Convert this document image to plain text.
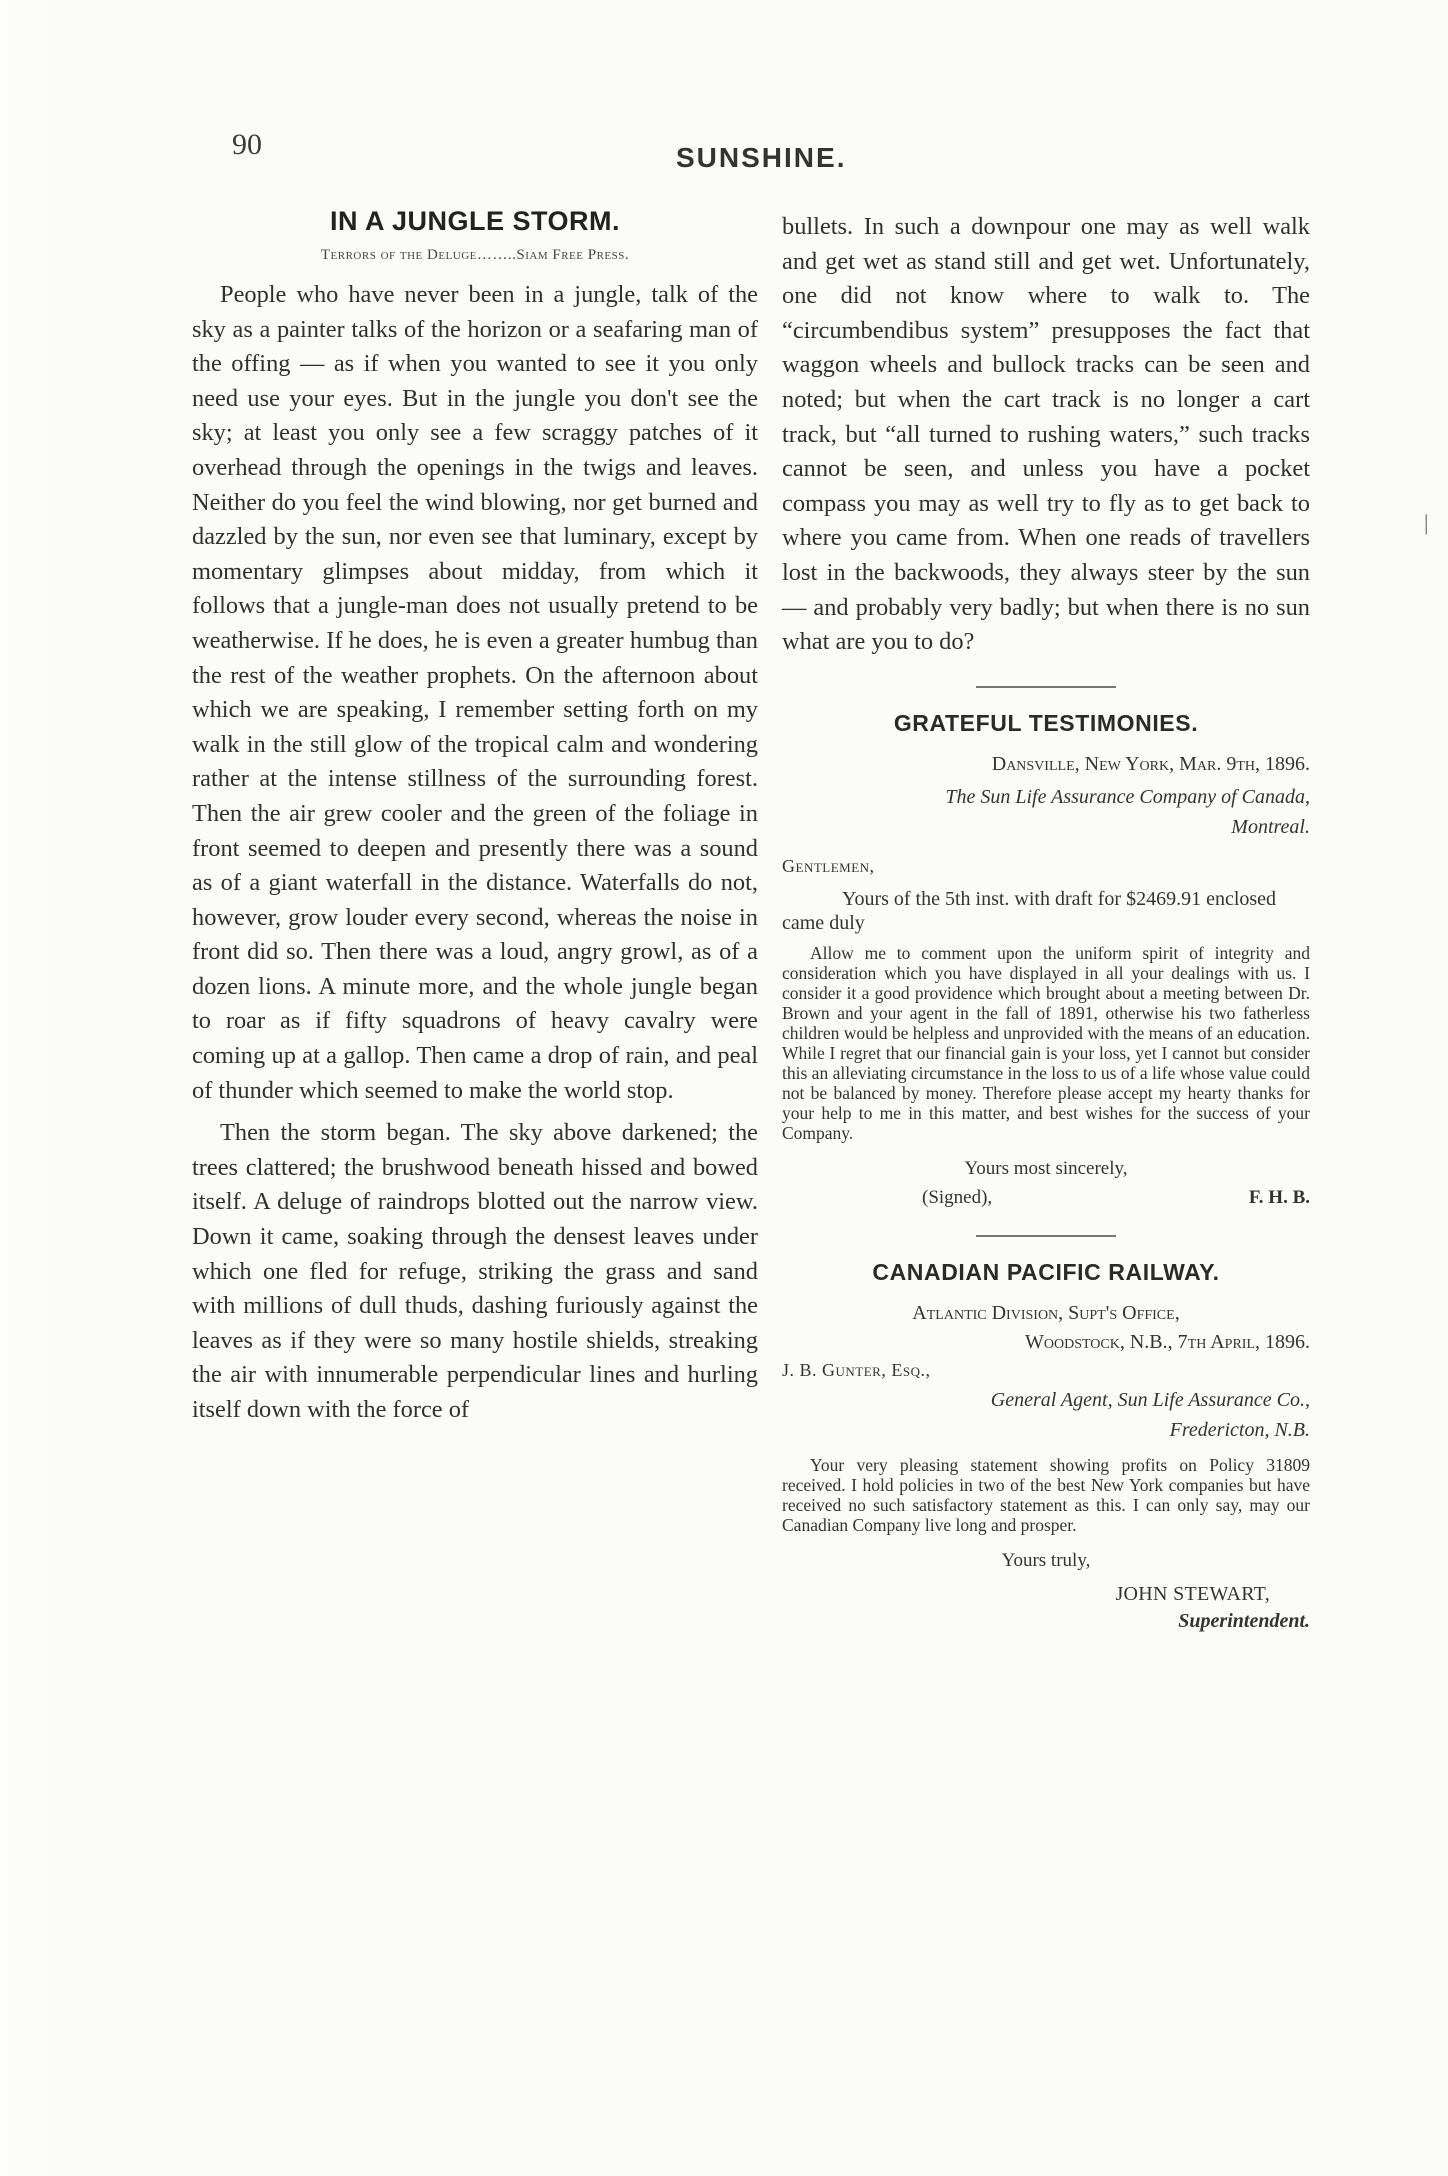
90	SUNSHINE.
IN A JUNGLE STORM.
Terrors of the Deluge……..Siam Free Press.

People who have never been in a jungle, talk of the sky as a painter talks of the horizon or a seafaring man of the offing — as if when you wanted to see it you only need use your eyes. But in the jungle you don't see the sky; at least you only see a few scraggy patches of it overhead through the openings in the twigs and leaves. Neither do you feel the wind blowing, nor get burned and dazzled by the sun, nor even see that luminary, except by momentary glimpses about midday, from which it follows that a jungle-man does not usually pretend to be weatherwise. If he does, he is even a greater humbug than the rest of the weather prophets. On the afternoon about which we are speaking, I remember setting forth on my walk in the still glow of the tropical calm and wondering rather at the intense stillness of the surrounding forest. Then the air grew cooler and the green of the foliage in front seemed to deepen and presently there was a sound as of a giant waterfall in the distance. Waterfalls do not, however, grow louder every second, whereas the noise in front did so. Then there was a loud, angry growl, as of a dozen lions. A minute more, and the whole jungle began to roar as if fifty squadrons of heavy cavalry were coming up at a gallop. Then came a drop of rain, and peal of thunder which seemed to make the world stop.

Then the storm began. The sky above darkened; the trees clattered; the brushwood beneath hissed and bowed itself. A deluge of raindrops blotted out the narrow view. Down it came, soaking through the densest leaves under which one fled for refuge, striking the grass and sand with millions of dull thuds, dashing furiously against the leaves as if they were so many hostile shields, streaking the air with innumerable perpendicular lines and hurling itself down with the force of

bullets. In such a downpour one may as well walk and get wet as stand still and get wet. Unfortunately, one did not know where to walk to. The “circumbendibus system” presupposes the fact that waggon wheels and bullock tracks can be seen and noted; but when the cart track is no longer a cart track, but “all turned to rushing waters,” such tracks cannot be seen, and unless you have a pocket compass you may as well try to fly as to get back to where you came from. When one reads of travellers lost in the backwoods, they always steer by the sun — and probably very badly; but when there is no sun what are you to do?

GRATEFUL TESTIMONIES.
Dansville, New York, Mar. 9th, 1896.
The Sun Life Assurance Company of Canada,
Montreal.
Gentlemen,

Yours of the 5th inst. with draft for $2469.91 enclosed came duly

Allow me to comment upon the uniform spirit of integrity and consideration which you have displayed in all your dealings with us. I consider it a good providence which brought about a meeting between Dr. Brown and your agent in the fall of 1891, otherwise his two fatherless children would be helpless and unprovided with the means of an education. While I regret that our financial gain is your loss, yet I cannot but consider this an alleviating circumstance in the loss to us of a life whose value could not be balanced by money. Therefore please accept my hearty thanks for your help to me in this matter, and best wishes for the success of your Company.

Yours most sincerely,
(Signed),	F. H. B.
CANADIAN PACIFIC RAILWAY.
Atlantic Division, Supt's Office,
Woodstock, N.B., 7th April, 1896.
J. B. Gunter, Esq.,
General Agent, Sun Life Assurance Co.,
Fredericton, N.B.

Your very pleasing statement showing profits on Policy 31809 received. I hold policies in two of the best New York companies but have received no such satisfactory statement as this. I can only say, may our Canadian Company live long and prosper.

Yours truly,
JOHN STEWART,
Superintendent.
|
